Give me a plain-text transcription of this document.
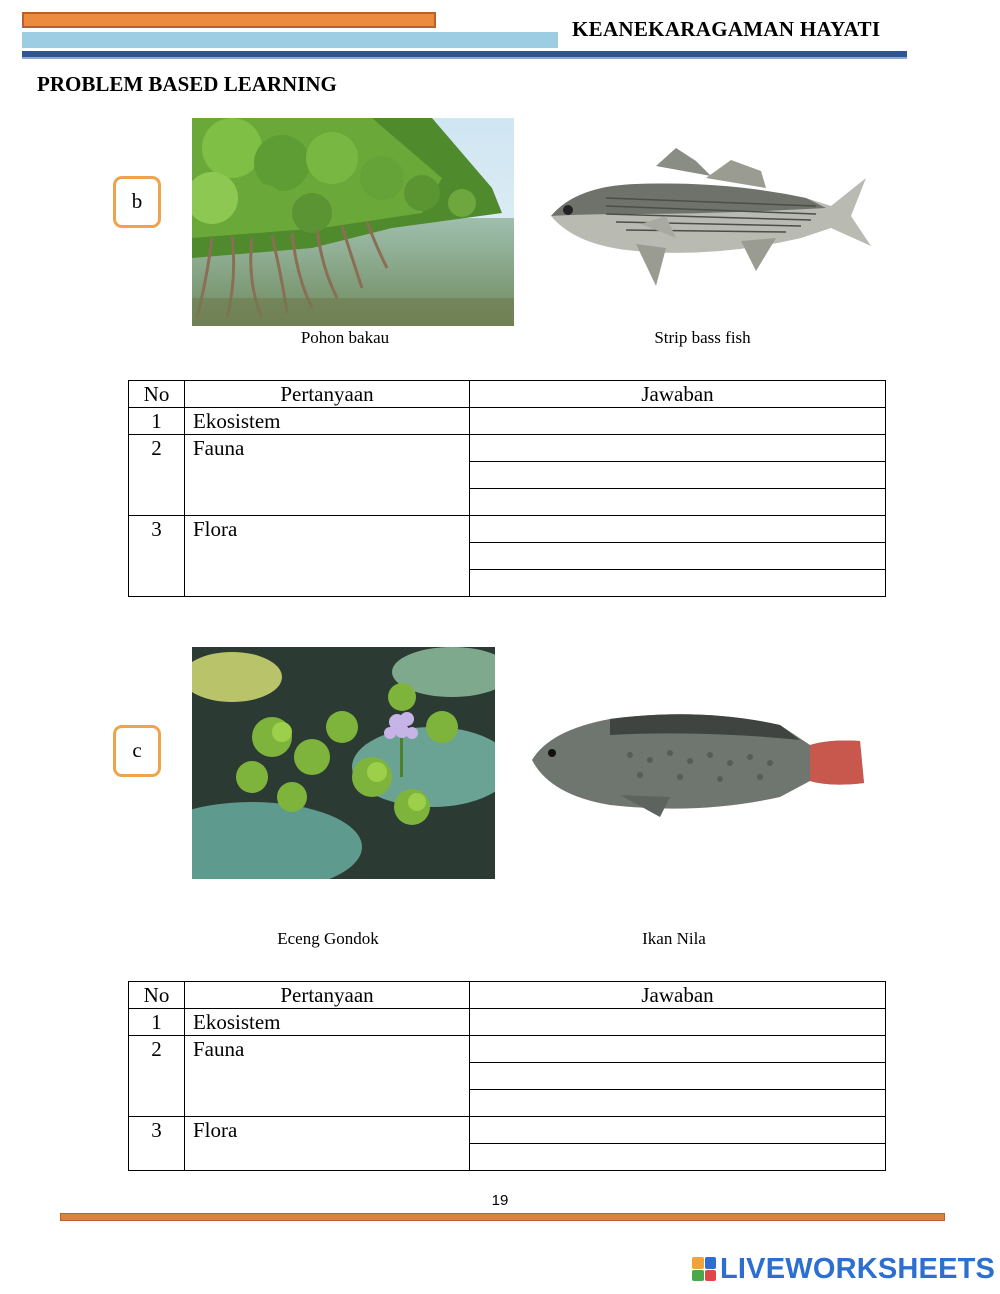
KEANEKARAGAMAN HAYATI
PROBLEM BASED LEARNING
b
Pohon bakau	Strip bass fish
No	Pertanyaan	Jawaban
1	Ekosistem	
2	Fauna	

3	Flora	

c
Eceng Gondok	Ikan Nila
No	Pertanyaan	Jawaban
1	Ekosistem	
2	Fauna	

3	Flora	

19
LIVEWORKSHEETS
